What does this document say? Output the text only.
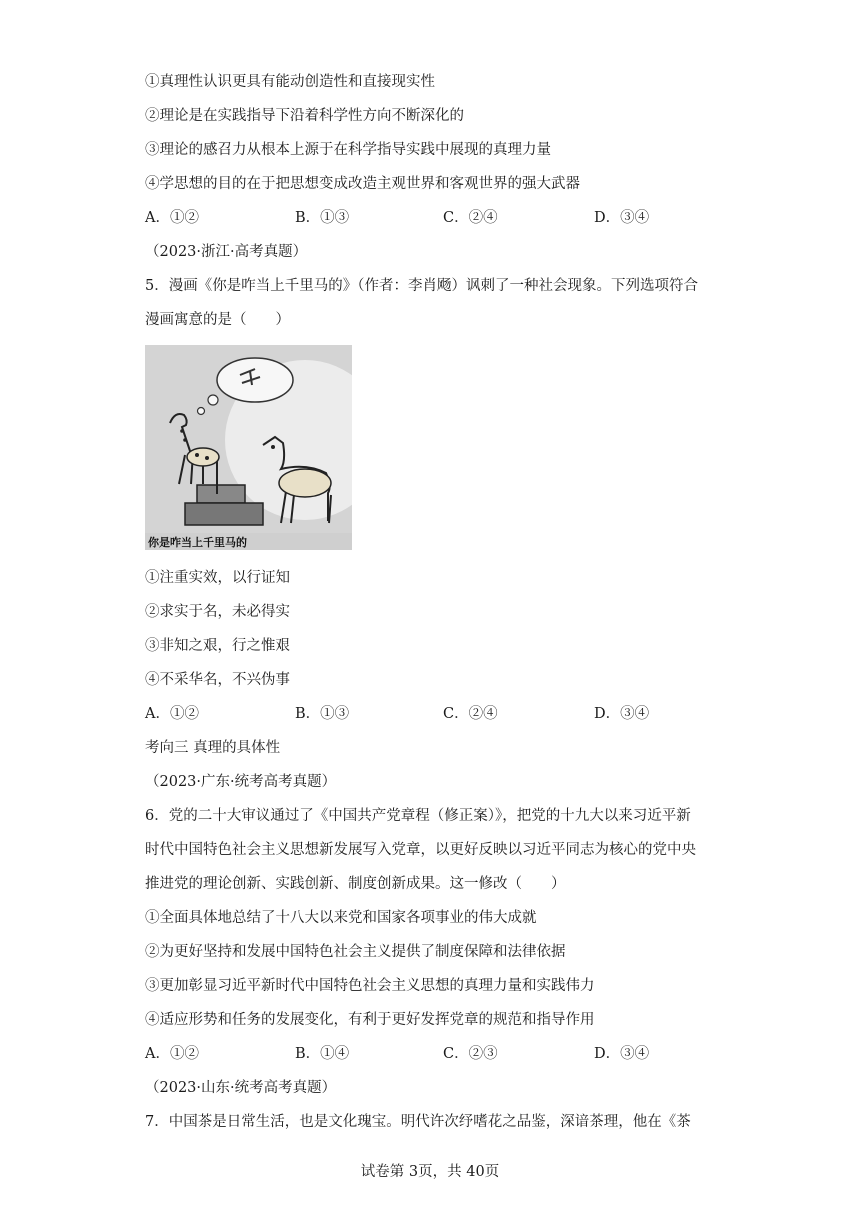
①真理性认识更具有能动创造性和直接现实性
②理论是在实践指导下沿着科学性方向不断深化的
③理论的感召力从根本上源于在科学指导实践中展现的真理力量
④学思想的目的在于把思想变成改造主观世界和客观世界的强大武器
A．①②	B．①③	C．②④	D．③④
（2023·浙江·高考真题）
5．漫画《你是咋当上千里马的》（作者：李肖飏）讽刺了一种社会现象。下列选项符合
漫画寓意的是（　　）
你是咋当上千里马的
①注重实效，以行证知
②求实于名，未必得实
③非知之艰，行之惟艰
④不采华名，不兴伪事
A．①②	B．①③	C．②④	D．③④
考向三 真理的具体性
（2023·广东·统考高考真题）
6．党的二十大审议通过了《中国共产党章程（修正案）》，把党的十九大以来习近平新
时代中国特色社会主义思想新发展写入党章，以更好反映以习近平同志为核心的党中央
推进党的理论创新、实践创新、制度创新成果。这一修改（　　）
①全面具体地总结了十八大以来党和国家各项事业的伟大成就
②为更好坚持和发展中国特色社会主义提供了制度保障和法律依据
③更加彰显习近平新时代中国特色社会主义思想的真理力量和实践伟力
④适应形势和任务的发展变化，有利于更好发挥党章的规范和指导作用
A．①②	B．①④	C．②③	D．③④
（2023·山东·统考高考真题）
7．中国茶是日常生活，也是文化瑰宝。明代许次纾嗜花之品鉴，深谙茶理，他在《茶
试卷第 3页，共 40页
